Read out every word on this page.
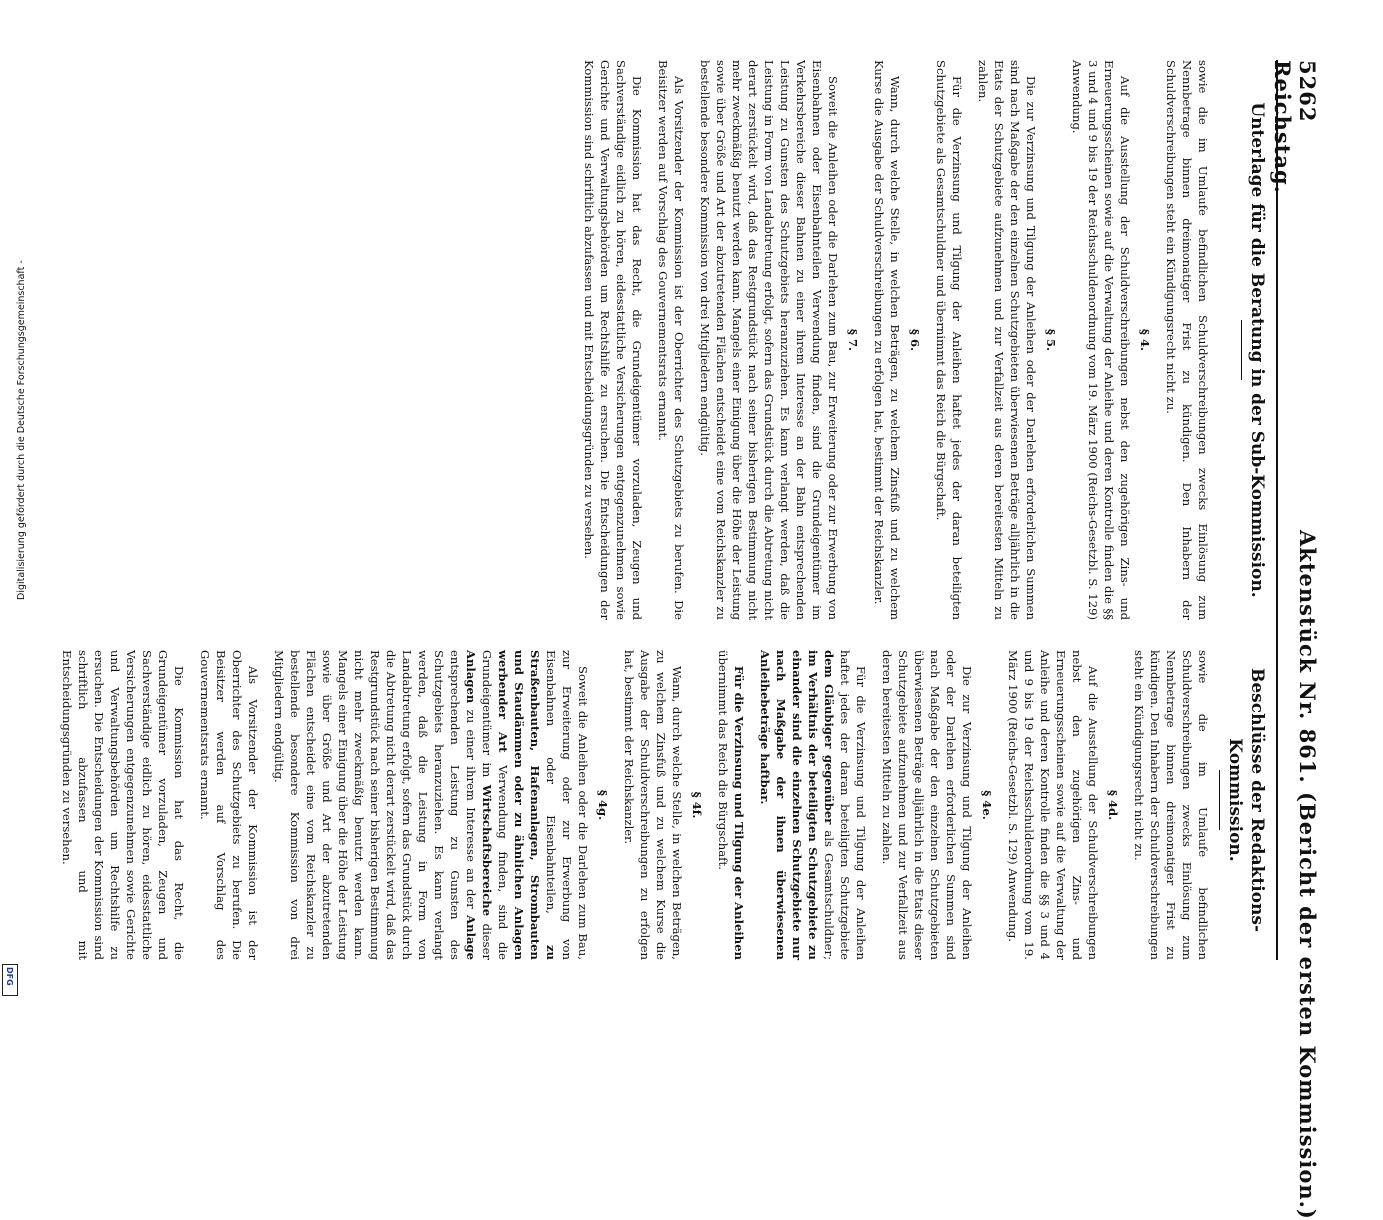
5262                                            Reichstag.
Aktenstück Nr. 861. (Bericht der ersten Kommission.)
Unterlage für die Beratung in der Sub-Kommission.
Beschlüsse der Redaktions-Kommission.

sowie die im Umlaufe befindlichen Schuldverschreibungen zwecks Einlösung zum Nennbetrage binnen dreimonatiger Frist zu kündigen. Den Inhabern der Schuldverschreibungen steht ein Kündigungsrecht nicht zu.

§ 4.

Auf die Ausstellung der Schuldverschreibungen nebst den zugehörigen Zins- und Erneuerungsscheinen sowie auf die Verwaltung der Anleihe und deren Kontrolle finden die §§ 3 und 4 und 9 bis 19 der Reichsschuldenordnung vom 19. März 1900 (Reichs-Gesetzbl. S. 129) Anwendung.

§ 5.

Die zur Verzinsung und Tilgung der Anleihen oder der Darlehen erforderlichen Summen sind nach Maßgabe der den einzelnen Schutzgebieten überwiesenen Beträge alljährlich in die Etats der Schutzgebiete aufzunehmen und zur Verfallzeit aus deren bereitesten Mitteln zu zahlen.

Für die Verzinsung und Tilgung der Anleihen haftet jedes der daran beteiligten Schutzgebiete als Gesamtschuldner und übernimmt das Reich die Bürgschaft.

§ 6.

Wann, durch welche Stelle, in welchen Beträgen, zu welchem Zinsfuß und zu welchem Kurse die Ausgabe der Schuldverschreibungen zu erfolgen hat, bestimmt der Reichskanzler.

§ 7.

Soweit die Anleihen oder die Darlehen zum Bau, zur Erweiterung oder zur Erwerbung von Eisenbahnen oder Eisenbahnteilen Verwendung finden, sind die Grundeigentümer im Verkehrsbereiche dieser Bahnen zu einer ihrem Interesse an der Bahn entsprechenden Leistung zu Gunsten des Schutzgebiets heranzuziehen. Es kann verlangt werden, daß die Leistung in Form von Landabtretung erfolgt, sofern das Grundstück durch die Abtretung nicht derart zerstückelt wird, daß das Restgrundstück nach seiner bisherigen Bestimmung nicht mehr zweckmäßig benutzt werden kann. Mangels einer Einigung über die Höhe der Leistung sowie über Größe und Art der abzutretenden Flächen entscheidet eine vom Reichskanzler zu bestellende besondere Kommission von drei Mitgliedern endgültig.

Als Vorsitzender der Kommission ist der Oberrichter des Schutzgebiets zu berufen. Die Beisitzer werden auf Vorschlag des Gouvernementsrats ernannt.

Die Kommission hat das Recht, die Grundeigentümer vorzuladen, Zeugen und Sachverständige eidlich zu hören, eidesstattliche Versicherungen entgegenzunehmen sowie Gerichte und Verwaltungsbehörden um Rechtshilfe zu ersuchen. Die Entscheidungen der Kommission sind schriftlich abzufassen und mit Entscheidungsgründen zu versehen.

sowie die im Umlaufe befindlichen Schuldverschreibungen zwecks Einlösung zum Nennbetrage binnen dreimonatiger Frist zu kündigen. Den Inhabern der Schuldverschreibungen steht ein Kündigungsrecht nicht zu.

§ 4d.

Auf die Ausstellung der Schuldverschreibungen nebst den zugehörigen Zins- und Erneuerungsscheinen sowie auf die Verwaltung der Anleihe und deren Kontrolle finden die §§ 3 und 4 und 9 bis 19 der Reichsschuldenordnung vom 19. März 1900 (Reichs-Gesetzbl. S. 129) Anwendung.

§ 4e.

Die zur Verzinsung und Tilgung der Anleihen oder der Darlehen erforderlichen Summen sind nach Maßgabe der den einzelnen Schutzgebieten überwiesenen Beträge alljährlich in die Etats dieser Schutzgebiete aufzunehmen und zur Verfallzeit aus deren bereitesten Mitteln zu zahlen.

Für die Verzinsung und Tilgung der Anleihen haftet jedes der daran beteiligten Schutzgebiete dem Gläubiger gegenüber als Gesamtschuldner; im Verhältnis der beteiligten Schutzgebiete zu einander sind die einzelnen Schutzgebiete nur nach Maßgabe der ihnen überwiesenen Anleihebeträge haftbar.

Für die Verzinsung und Tilgung der Anleihen übernimmt das Reich die Bürgschaft.

§ 4f.

Wann, durch welche Stelle, in welchen Beträgen, zu welchem Zinsfuß und zu welchem Kurse die Ausgabe der Schuldverschreibungen zu erfolgen hat, bestimmt der Reichskanzler.

§ 4g.

Soweit die Anleihen oder die Darlehen zum Bau, zur Erweiterung oder zur Erwerbung von Eisenbahnen oder Eisenbahnteilen, zu Straßenbauten, Hafenanlagen, Strombauten und Staudämmen oder zu ähnlichen Anlagen werbender Art Verwendung finden, sind die Grundeigentümer im Wirtschaftsbereiche dieser Anlagen zu einer ihrem Interesse an der Anlage entsprechenden Leistung zu Gunsten des Schutzgebiets heranzuziehen. Es kann verlangt werden, daß die Leistung in Form von Landabtretung erfolgt, sofern das Grundstück durch die Abtretung nicht derart zerstückelt wird, daß das Restgrundstück nach seiner bisherigen Bestimmung nicht mehr zweckmäßig benutzt werden kann. Mangels einer Einigung über die Höhe der Leistung sowie über Größe und Art der abzutretenden Flächen entscheidet eine vom Reichskanzler zu bestellende besondere Kommission von drei Mitgliedern endgültig.

Als Vorsitzender der Kommission ist der Oberrichter des Schutzgebiets zu berufen. Die Beisitzer werden auf Vorschlag des Gouvernementsrats ernannt.

Die Kommission hat das Recht, die Grundeigentümer vorzuladen, Zeugen und Sachverständige eidlich zu hören, eidesstattliche Versicherungen entgegenzunehmen sowie Gerichte und Verwaltungsbehörden um Rechtshilfe zu ersuchen. Die Entscheidungen der Kommission sind schriftlich abzufassen und mit Entscheidungsgründen zu versehen.

Digitalisierung gefördert durch die Deutsche Forschungsgemeinschaft -
DFG
